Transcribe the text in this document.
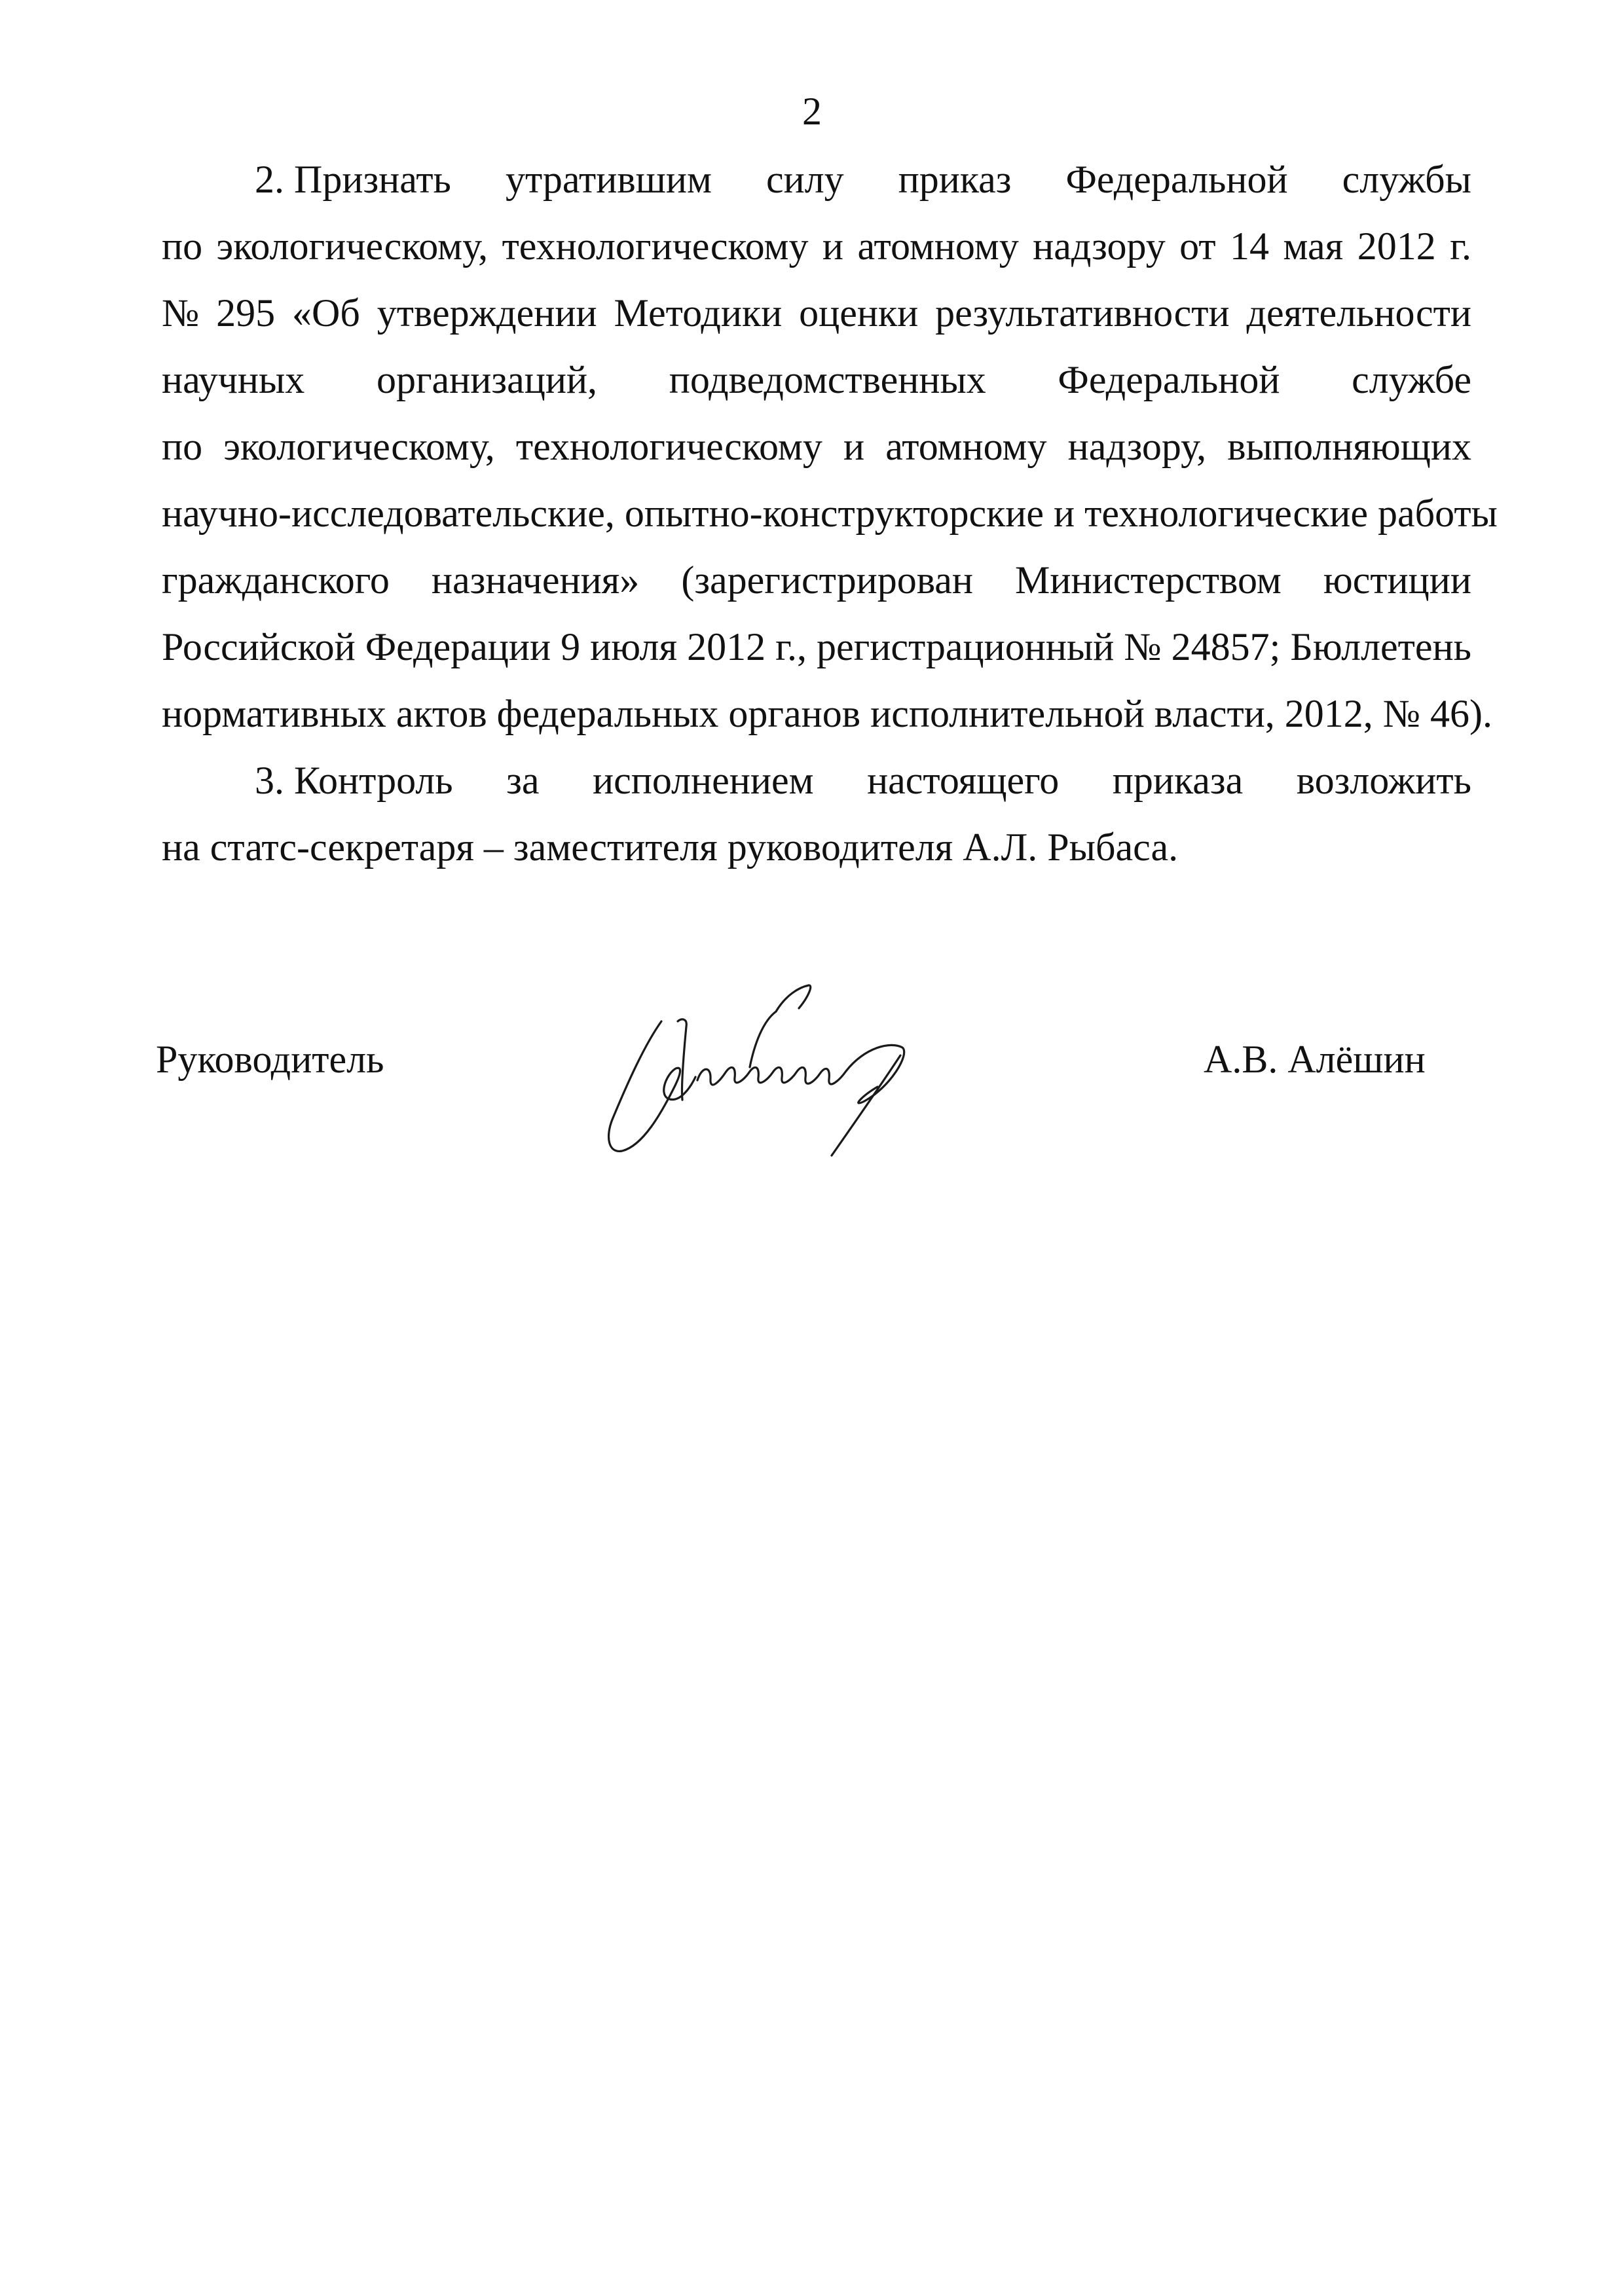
2
2. Признать утратившим силу приказ Федеральной службы
по экологическому, технологическому и атомному надзору от 14 мая 2012 г.
№ 295 «Об утверждении Методики оценки результативности деятельности
научных организаций, подведомственных Федеральной службе
по экологическому, технологическому и атомному надзору, выполняющих
научно-исследовательские, опытно-конструкторские и технологические работы
гражданского назначения» (зарегистрирован Министерством юстиции
Российской Федерации 9 июля 2012 г., регистрационный № 24857; Бюллетень
нормативных актов федеральных органов исполнительной власти, 2012, № 46).
3. Контроль за исполнением настоящего приказа возложить
на статс-секретаря – заместителя руководителя А.Л. Рыбаса.
Руководитель	А.В. Алёшин
